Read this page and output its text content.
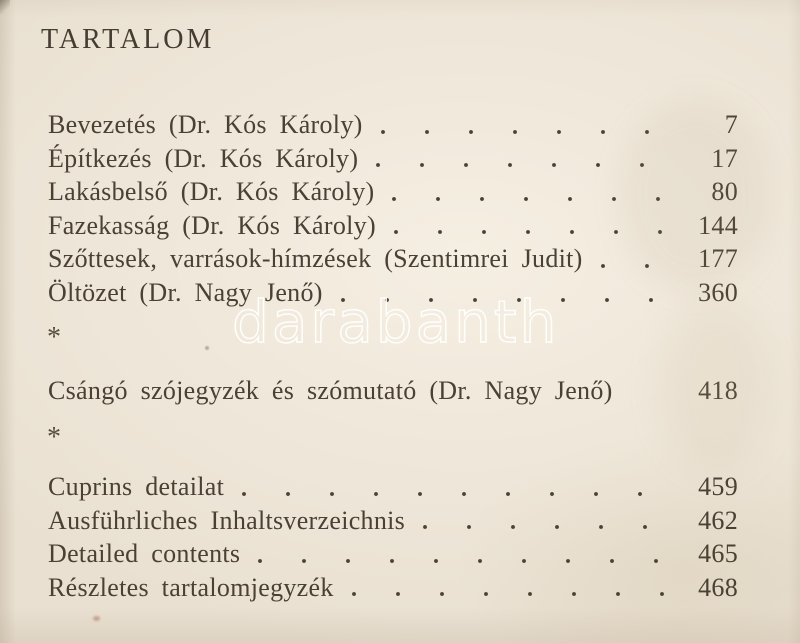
TARTALOM
Bevezetés (Dr. Kós Károly)	7
Építkezés (Dr. Kós Károly)	17
Lakásbelső (Dr. Kós Károly)	80
Fazekasság (Dr. Kós Károly)	144
Szőttesek, varrások-hímzések (Szentimrei Judit)	177
Öltözet (Dr. Nagy Jenő)	360
*
Csángó szójegyzék és szómutató (Dr. Nagy Jenő)	418
*
Cuprins detailat	459
Ausführliches Inhaltsverzeichnis	462
Detailed contents	465
Részletes tartalomjegyzék	468
darabanth
